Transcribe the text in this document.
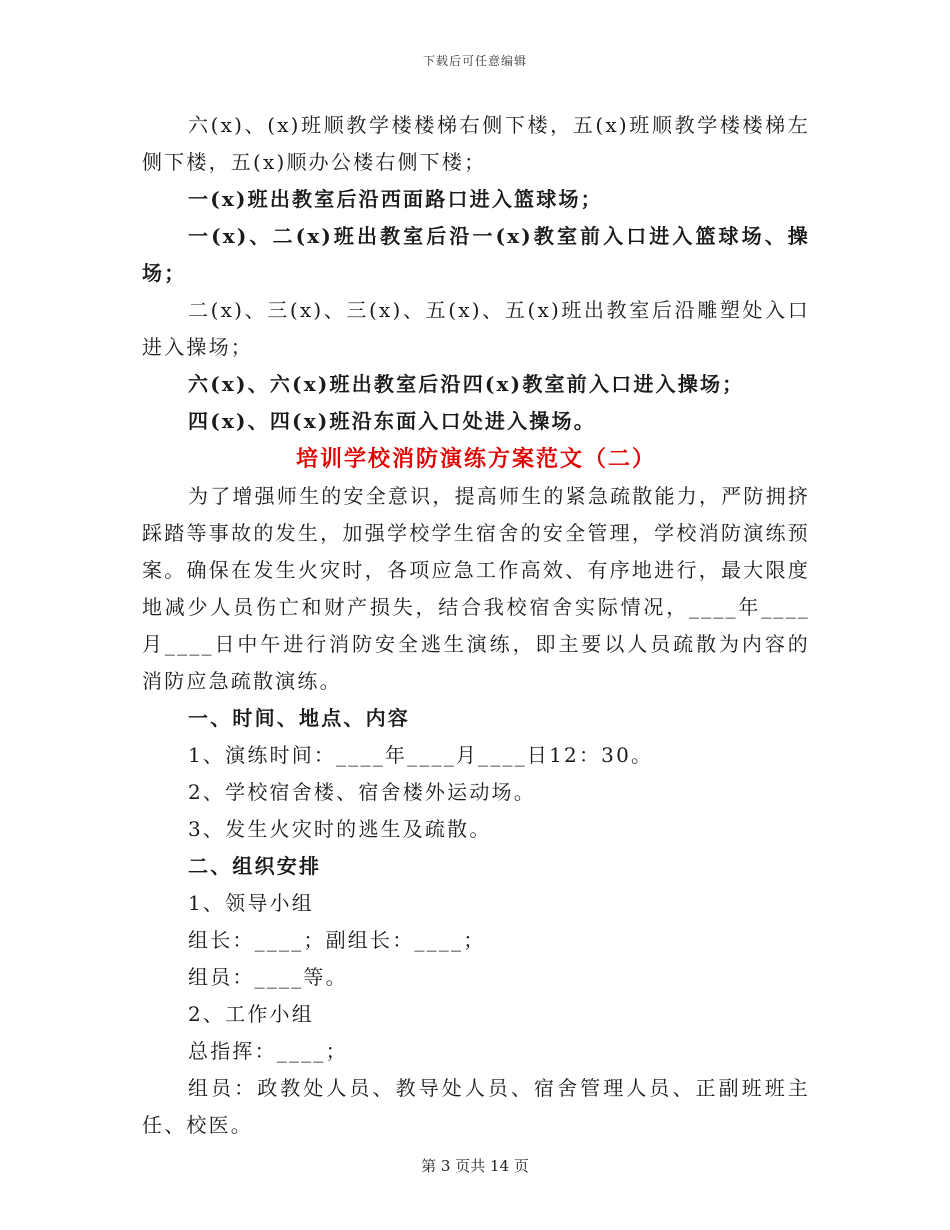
下载后可任意编辑

六(x)、(x)班顺教学楼楼梯右侧下楼，五(x)班顺教学楼楼梯左侧下楼，五(x)顺办公楼右侧下楼；

一(x)班出教室后沿西面路口进入篮球场；

一(x)、二(x)班出教室后沿一(x)教室前入口进入篮球场、操场；

二(x)、三(x)、三(x)、五(x)、五(x)班出教室后沿雕塑处入口进入操场；

六(x)、六(x)班出教室后沿四(x)教室前入口进入操场；

四(x)、四(x)班沿东面入口处进入操场。

培训学校消防演练方案范文（二）

为了增强师生的安全意识，提高师生的紧急疏散能力，严防拥挤踩踏等事故的发生，加强学校学生宿舍的安全管理，学校消防演练预案。确保在发生火灾时，各项应急工作高效、有序地进行，最大限度地减少人员伤亡和财产损失，结合我校宿舍实际情况，____年____月____日中午进行消防安全逃生演练，即主要以人员疏散为内容的消防应急疏散演练。

一、时间、地点、内容

1、演练时间：____年____月____日12：30。

2、学校宿舍楼、宿舍楼外运动场。

3、发生火灾时的逃生及疏散。

二、组织安排

1、领导小组

组长：____；副组长：____；

组员：____等。

2、工作小组

总指挥：____；

组员：政教处人员、教导处人员、宿舍管理人员、正副班班主任、校医。

第 3 页共 14 页
